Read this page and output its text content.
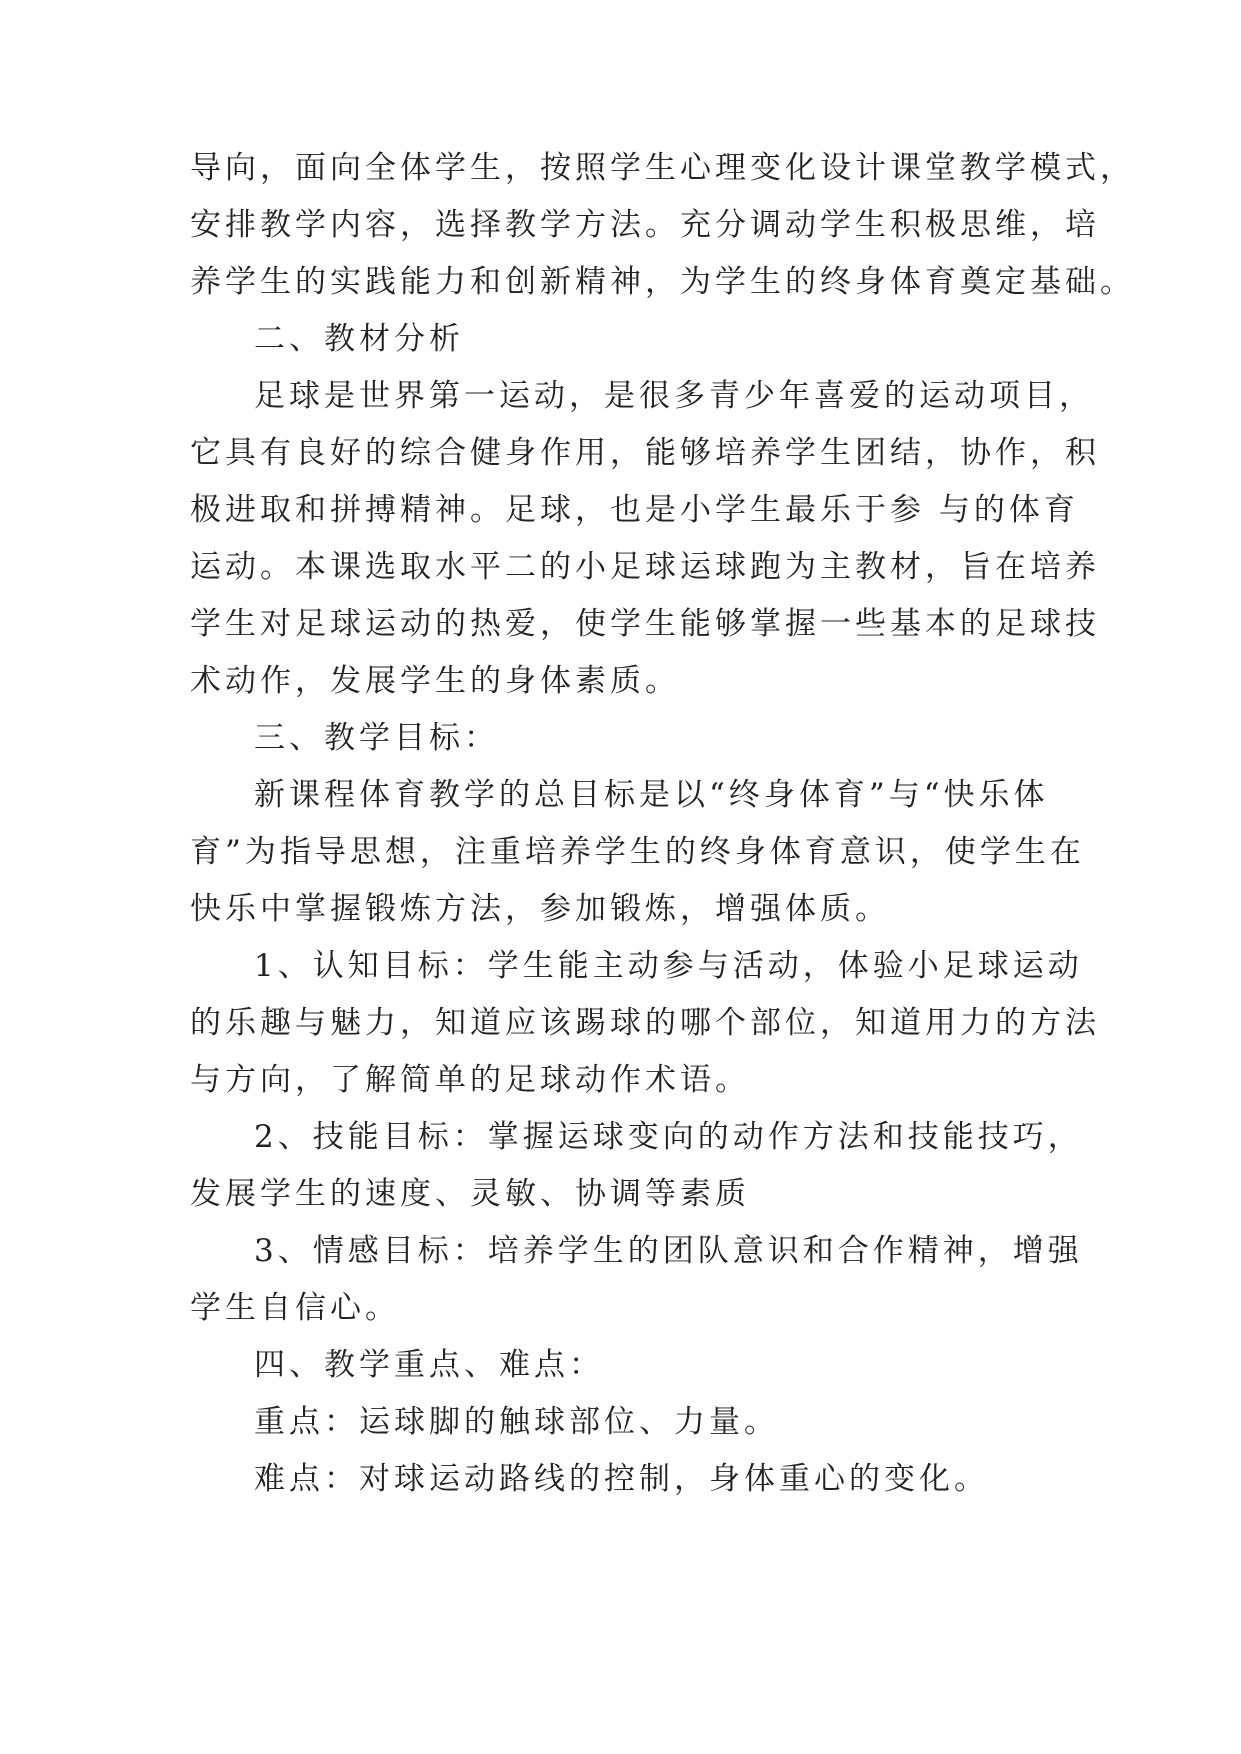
导向，面向全体学生，按照学生心理变化设计课堂教学模式，
安排教学内容，选择教学方法。充分调动学生积极思维，培
养学生的实践能力和创新精神，为学生的终身体育奠定基础。
二、教材分析
足球是世界第一运动，是很多青少年喜爱的运动项目，
它具有良好的综合健身作用，能够培养学生团结，协作，积
极进取和拼搏精神。足球，也是小学生最乐于参 与的体育
运动。本课选取水平二的小足球运球跑为主教材，旨在培养
学生对足球运动的热爱，使学生能够掌握一些基本的足球技
术动作，发展学生的身体素质。
三、教学目标：
新课程体育教学的总目标是以“终身体育”与“快乐体
育”为指导思想，注重培养学生的终身体育意识，使学生在
快乐中掌握锻炼方法，参加锻炼，增强体质。
1、认知目标：学生能主动参与活动，体验小足球运动
的乐趣与魅力，知道应该踢球的哪个部位，知道用力的方法
与方向，了解简单的足球动作术语。
2、技能目标：掌握运球变向的动作方法和技能技巧，
发展学生的速度、灵敏、协调等素质
3、情感目标：培养学生的团队意识和合作精神，增强
学生自信心。
四、教学重点、难点：
重点：运球脚的触球部位、力量。
难点：对球运动路线的控制，身体重心的变化。
